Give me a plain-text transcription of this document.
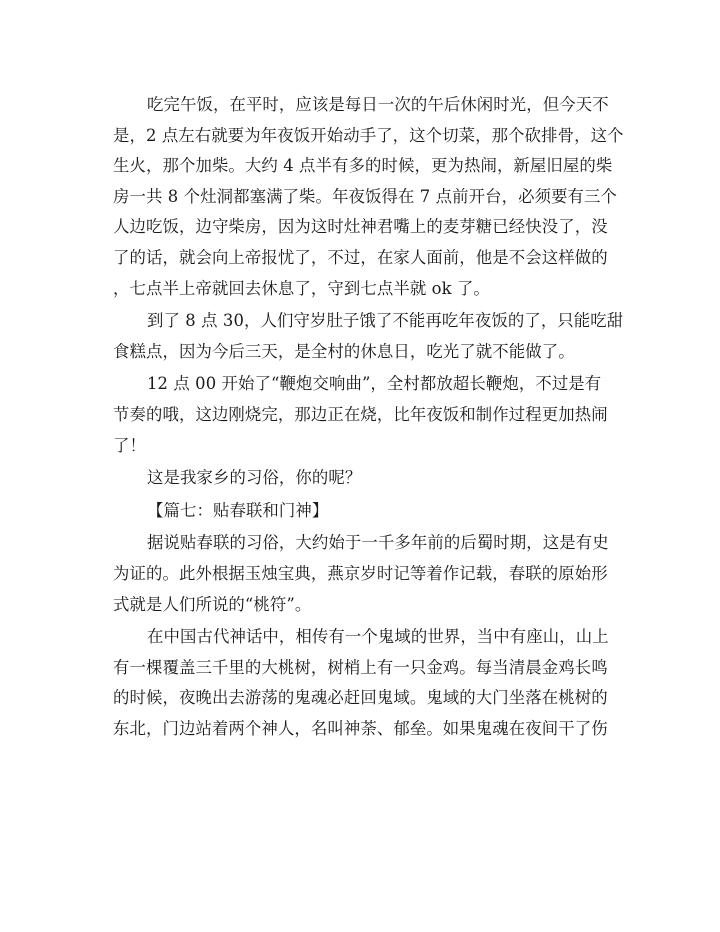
吃完午饭，在平时，应该是每日一次的午后休闲时光，但今天不
是，2 点左右就要为年夜饭开始动手了，这个切菜，那个砍排骨，这个
生火，那个加柴。大约 4 点半有多的时候，更为热闹，新屋旧屋的柴
房一共 8 个灶洞都塞满了柴。年夜饭得在 7 点前开台，必须要有三个
人边吃饭，边守柴房，因为这时灶神君嘴上的麦芽糖已经快没了，没
了的话，就会向上帝报忧了，不过，在家人面前，他是不会这样做的
，七点半上帝就回去休息了，守到七点半就 ok 了。

到了 8 点 30，人们守岁肚子饿了不能再吃年夜饭的了，只能吃甜
食糕点，因为今后三天，是全村的休息日，吃光了就不能做了。

12 点 00 开始了“鞭炮交响曲”，全村都放超长鞭炮，不过是有
节奏的哦，这边刚烧完，那边正在烧，比年夜饭和制作过程更加热闹
了！

这是我家乡的习俗，你的呢？

【篇七：贴春联和门神】

据说贴春联的习俗，大约始于一千多年前的后蜀时期，这是有史
为证的。此外根据玉烛宝典，燕京岁时记等着作记载，春联的原始形
式就是人们所说的“桃符”。

在中国古代神话中，相传有一个鬼域的世界，当中有座山，山上
有一棵覆盖三千里的大桃树，树梢上有一只金鸡。每当清晨金鸡长鸣
的时候，夜晚出去游荡的鬼魂必赶回鬼域。鬼域的大门坐落在桃树的
东北，门边站着两个神人，名叫神荼、郁垒。如果鬼魂在夜间干了伤
